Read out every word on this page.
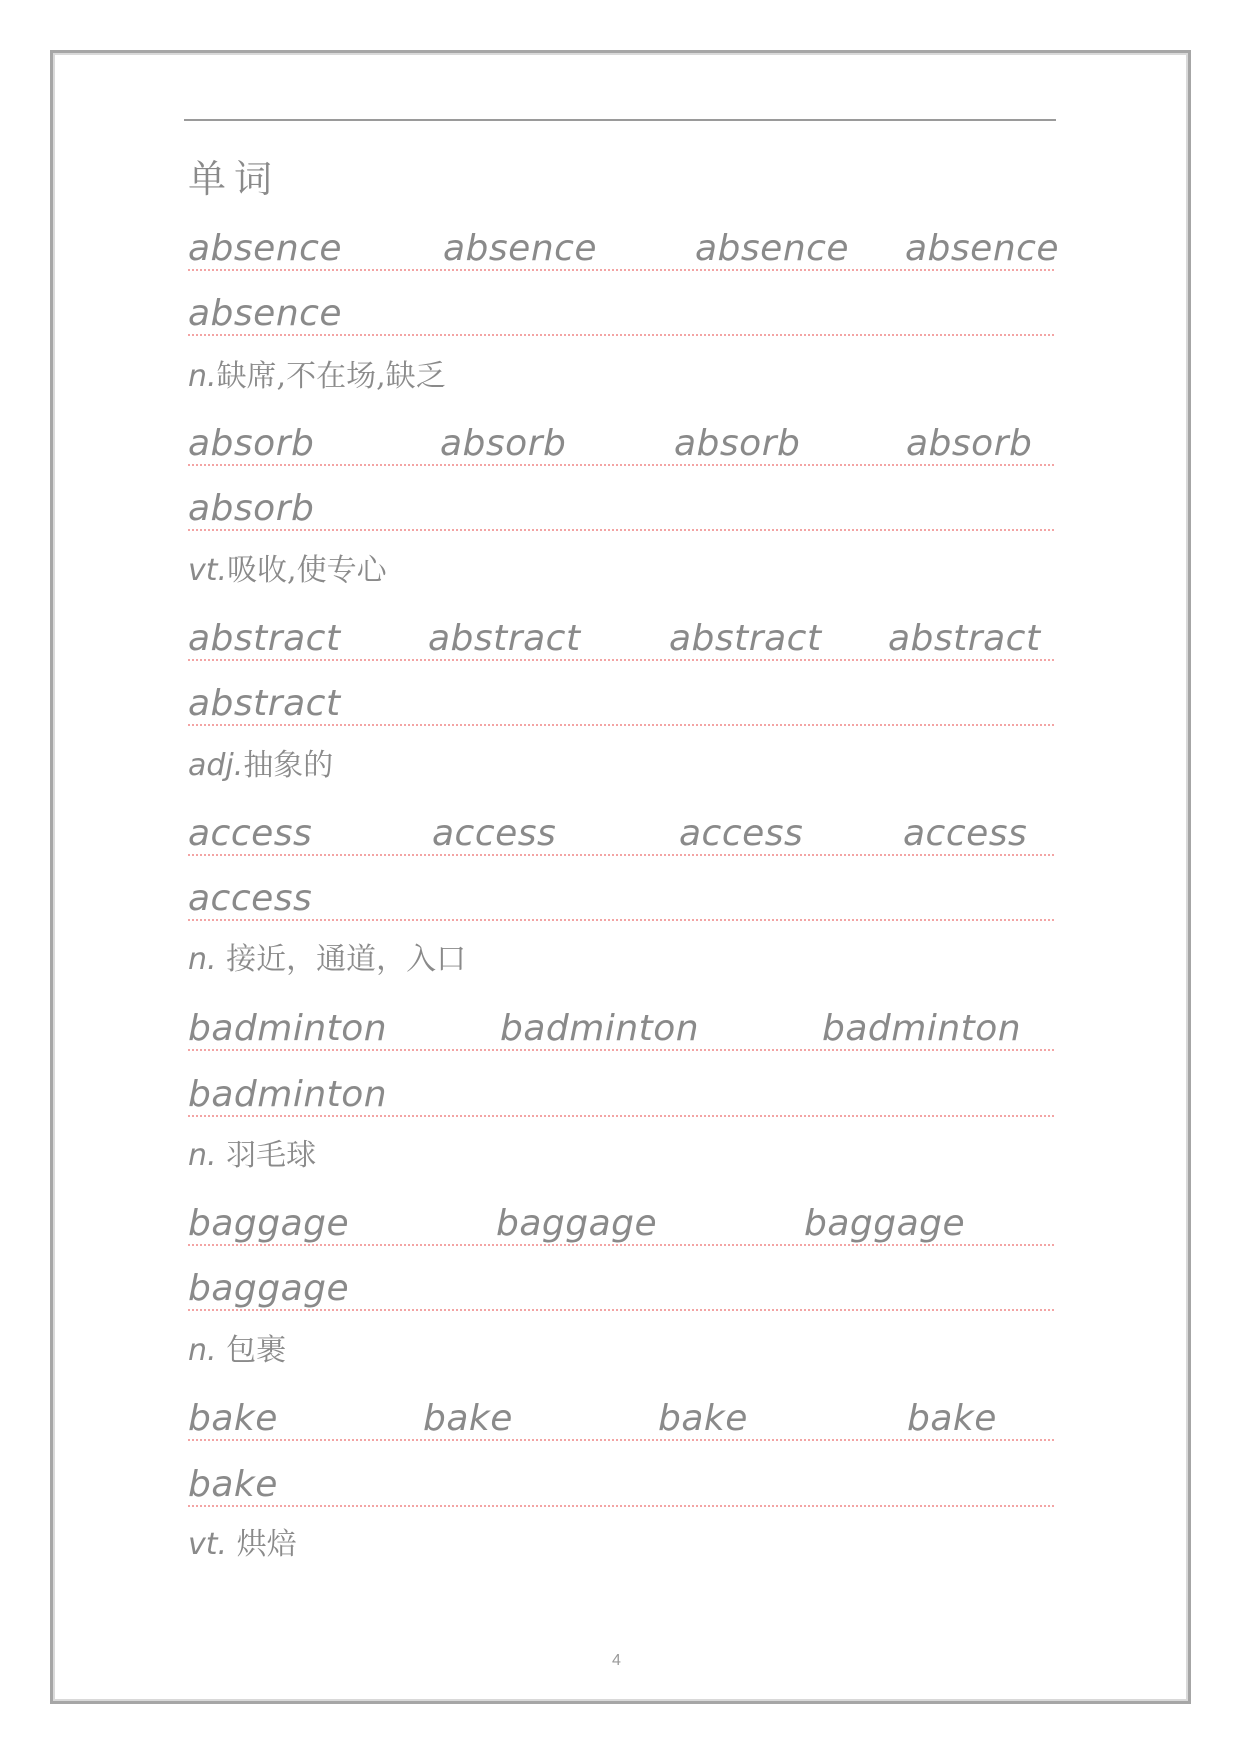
单词
absence	absence	absence absence
absence
n.缺席,不在场,缺乏
absorb	absorb	absorb	absorb
absorb
vt.吸收,使专心
abstract abstract abstract abstract
abstract
adj.抽象的
access	access	access	access
access
n. 接近，通道，入口
badminton	badminton	badminton
badminton
n. 羽毛球
baggage	baggage	baggage
baggage
n. 包裹
bake	bake	bake	bake
bake
vt. 烘焙
4
